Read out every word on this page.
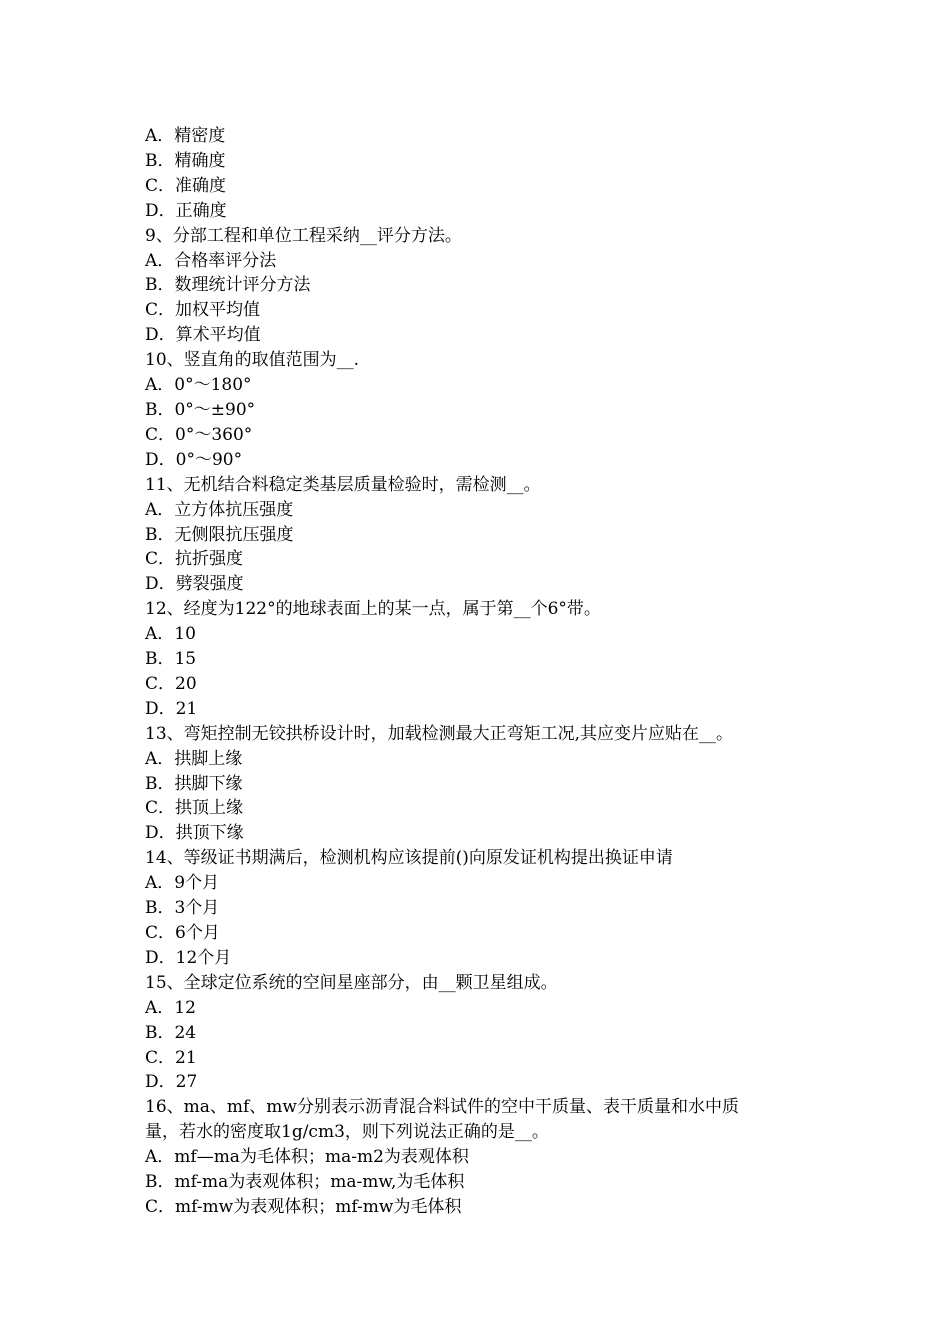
A．精密度

B．精确度

C．准确度

D．正确度

9、分部工程和单位工程采纳__评分方法。

A．合格率评分法

B．数理统计评分方法

C．加权平均值

D．算术平均值

10、竖直角的取值范围为__.

A．0°～180°

B．0°～±90°

C．0°～360°

D．0°～90°

11、无机结合料稳定类基层质量检验时，需检测__。

A．立方体抗压强度

B．无侧限抗压强度

C．抗折强度

D．劈裂强度

12、经度为122°的地球表面上的某一点，属于第__个6°带。

A．10

B．15

C．20

D．21

13、弯矩控制无铰拱桥设计时，加载检测最大正弯矩工况,其应变片应贴在__。

A．拱脚上缘

B．拱脚下缘

C．拱顶上缘

D．拱顶下缘

14、等级证书期满后，检测机构应该提前()向原发证机构提出换证申请

A．9个月

B．3个月

C．6个月

D．12个月

15、全球定位系统的空间星座部分，由__颗卫星组成。

A．12

B．24

C．21

D．27

16、ma、mf、mw分别表示沥青混合料试件的空中干质量、表干质量和水中质

量，若水的密度取1g/cm3，则下列说法正确的是__。

A．mf—ma为毛体积；ma-m2为表观体积

B．mf-ma为表观体积；ma-mw,为毛体积

C．mf-mw为表观体积；mf-mw为毛体积
